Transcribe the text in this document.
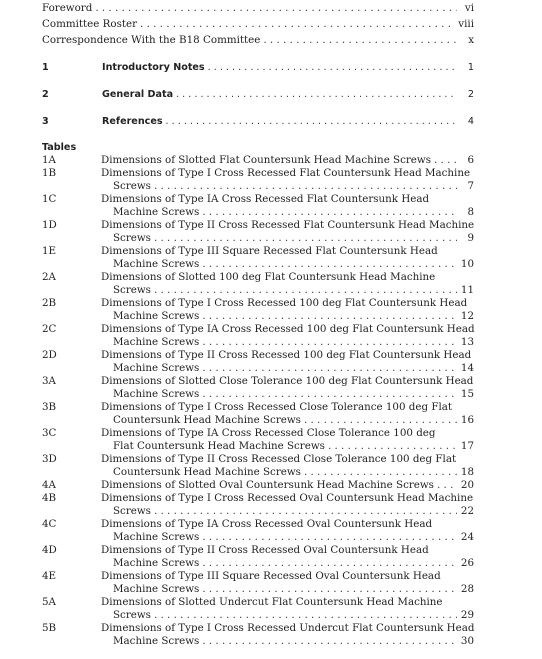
Foreword . . .	vi
Committee Roster . . .	viii
Correspondence With the B18 Committee . . .	x
1	Introductory Notes . . .	1
2	General Data . . .	2
3	References . . .	4
Tables
1A	Dimensions of Slotted Flat Countersunk Head Machine Screws . . .	6
1B	Dimensions of Type I Cross Recessed Flat Countersunk Head Machine
Screws . . .	7
1C	Dimensions of Type IA Cross Recessed Flat Countersunk Head
Machine Screws . . .	8
1D	Dimensions of Type II Cross Recessed Flat Countersunk Head Machine
Screws . . .	9
1E	Dimensions of Type III Square Recessed Flat Countersunk Head
Machine Screws . . .	10
2A	Dimensions of Slotted 100 deg Flat Countersunk Head Machine
Screws . . .	11
2B	Dimensions of Type I Cross Recessed 100 deg Flat Countersunk Head
Machine Screws . . .	12
2C	Dimensions of Type IA Cross Recessed 100 deg Flat Countersunk Head
Machine Screws . . .	13
2D	Dimensions of Type II Cross Recessed 100 deg Flat Countersunk Head
Machine Screws . . .	14
3A	Dimensions of Slotted Close Tolerance 100 deg Flat Countersunk Head
Machine Screws . . .	15
3B	Dimensions of Type I Cross Recessed Close Tolerance 100 deg Flat
Countersunk Head Machine Screws . . .	16
3C	Dimensions of Type IA Cross Recessed Close Tolerance 100 deg
Flat Countersunk Head Machine Screws . . .	17
3D	Dimensions of Type II Cross Recessed Close Tolerance 100 deg Flat
Countersunk Head Machine Screws . . .	18
4A	Dimensions of Slotted Oval Countersunk Head Machine Screws . . .	20
4B	Dimensions of Type I Cross Recessed Oval Countersunk Head Machine
Screws . . .	22
4C	Dimensions of Type IA Cross Recessed Oval Countersunk Head
Machine Screws . . .	24
4D	Dimensions of Type II Cross Recessed Oval Countersunk Head
Machine Screws . . .	26
4E	Dimensions of Type III Square Recessed Oval Countersunk Head
Machine Screws . . .	28
5A	Dimensions of Slotted Undercut Flat Countersunk Head Machine
Screws . . .	29
5B	Dimensions of Type I Cross Recessed Undercut Flat Countersunk Head
Machine Screws . . .	30
